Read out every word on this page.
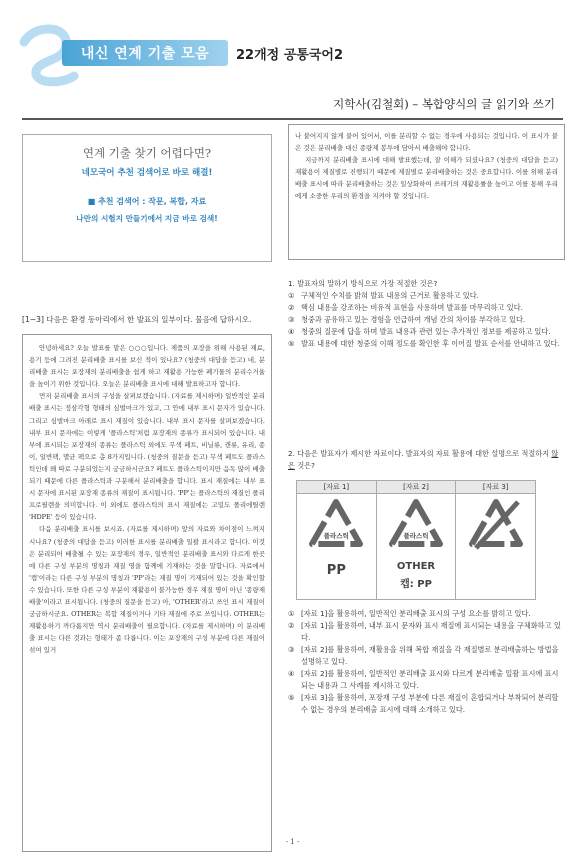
내신 연계 기출 모음	22개정 공통국어2
지학사(김철회) – 복합양식의 글 읽기와 쓰기
연계 기출 찾기 어렵다면?
네모국어 추천 검색어로 바로 해결!
■ 추천 검색어 : 작문, 복합, 자료
나만의 시험지 만들기에서 지금 바로 검색!
[1~3] 다음은 환경 동아리에서 한 발표의 일부이다. 물음에 답하시오.

안녕하세요? 오늘 발표를 맡은 ○○○입니다. 제품의 포장을 위해 사용된 재료, 용기 등에 그려진 분리배출 표시를 보신 적이 있나요? (청중의 대답을 듣고) 네, 분리배출 표시는 포장재의 분리배출을 쉽게 하고 재활용 가능한 폐기물의 분리수거율을 높이기 위한 것입니다. 오늘은 분리배출 표시에 대해 발표하고자 합니다.

먼저 분리배출 표시의 구성을 살펴보겠습니다. (자료를 제시하며) 일반적인 분리배출 표시는 정삼각형 형태의 심벌마크가 있고, 그 안에 내부 표시 문자가 있습니다. 그리고 심벌마크 아래로 표시 재질이 있습니다. 내부 표시 문자를 살펴보겠습니다. 내부 표시 문자에는 이렇게 '플라스틱'처럼 포장재의 종류가 표시되어 있습니다. 내부에 표시되는 포장재의 종류는 플라스틱 외에도 무색 페트, 비닐류, 캔류, 유리, 종이, 일반팩, 멸균 팩으로 총 8가지입니다. (청중의 질문을 듣고) 무색 페트도 플라스틱인데 왜 따로 구분되었는지 궁금하시군요? 페트도 플라스틱이지만 음독 많이 배출되기 때문에 다른 플라스틱과 구분해서 분리배출을 합니다. 표시 재질에는 내부 표시 문자에 표시된 포장재 종류의 재질이 표시됩니다. 'PP'는 플라스틱의 재질인 폴리프로필렌을 의미합니다. 이 외에도 플라스틱의 표시 재질에는 고밀도 폴리에틸렌 'HDPE' 등이 있습니다.

다음 분리배출 표시를 보시죠. (자료를 제시하며) 앞의 자료와 차이점이 느껴지시나요? (청중의 대답을 듣고) 이러한 표시를 분리배출 일괄 표시라고 합니다. 이것은 분리되어 배출될 수 있는 포장재의 경우, 일반적인 분리배출 표시와 다르게 한곳에 다른 구성 부분의 명칭과 재질 명을 함께에 기재하는 것을 말합니다. 자료에서 '캡'이라는 다른 구성 부분의 명칭과 'PP'라는 재질 명이 기재되어 있는 것을 확인할 수 있습니다. 또한 다른 구성 부분이 재활용이 불가능한 경우 재질 명이 아닌 '종량제 배출'이라고 표시됩니다. (청중의 질문을 듣고) 아, 'OTHER'라고 쓰인 표시 재질이 궁금하시군요. OTHER는 복합 재질이거나 기타 재질에 주로 쓰입니다. OTHER는 재활용하기 까다롭지만 역시 분리배출이 필요합니다. (자료를 제시하며) 이 분리배출 표시는 다른 것과는 형태가 좀 다릅니다. 이는 포장재의 구성 부분에 다른 재질이 섞여 있거

나 붙어지지 않게 붙어 있어서, 이를 분리할 수 없는 경우에 사용되는 것입니다. 이 표시가 붙은 것은 분리배출 대신 종량제 봉투에 담아서 배출해야 합니다.

지금까지 분리배출 표시에 대해 발표했는데, 잘 이해가 되셨나요? (청중의 대답을 듣고) 재활용이 제질별로 진행되기 때문에 제질별로 분리배출하는 것은 중요합니다. 이를 위해 분리배출 표시에 따라 분리배출하는 것은 일상화하여 쓰레기의 재활용률을 높이고 이를 통해 우리에게 소중한 우리의 환경을 지켜야 할 것입니다.

1. 발표자의 말하기 방식으로 가장 적절한 것은?
① 구체적인 수치를 밝혀 발표 내용의 근거로 활용하고 있다.
② 핵심 내용을 강조하는 비유적 표현을 사용하며 발표를 마무리하고 있다.
③ 청중과 공유하고 있는 경험을 언급하여 개념 간의 차이를 부각하고 있다.
④ 청중의 질문에 답을 하며 발표 내용과 관련 있는 추가적인 정보를 제공하고 있다.
⑤ 발표 내용에 대한 청중의 이해 정도를 확인한 후 이어질 발표 순서를 안내하고 있다.
2. 다음은 발표자가 제시한 자료이다. 발표자의 자료 활용에 대한 설명으로 적절하지 않은 것은?
[자료 1]
플라스틱
PP
[자료 2]
플라스틱
OTHER
캡: PP
[자료 3]
① [자료 1]을 활용하여, 일반적인 분리배출 표시의 구성 요소를 밝히고 있다.
② [자료 1]을 활용하여, 내부 표시 문자와 표시 재질에 표시되는 내용을 구체화하고 있다.
③ [자료 2]를 활용하여, 재활용을 위해 복합 재질을 각 재질별로 분리배출하는 방법을 설명하고 있다.
④ [자료 2]를 활용하여, 일반적인 분리배출 표시와 다르게 분리배출 일괄 표시에 표시되는 내용과 그 사례를 제시하고 있다.
⑤ [자료 3]을 활용하여, 포장재 구성 부분에 다른 재질이 혼합되거나 부착되어 분리할 수 없는 경우의 분리배출 표시에 대해 소개하고 있다.
- 1 -
